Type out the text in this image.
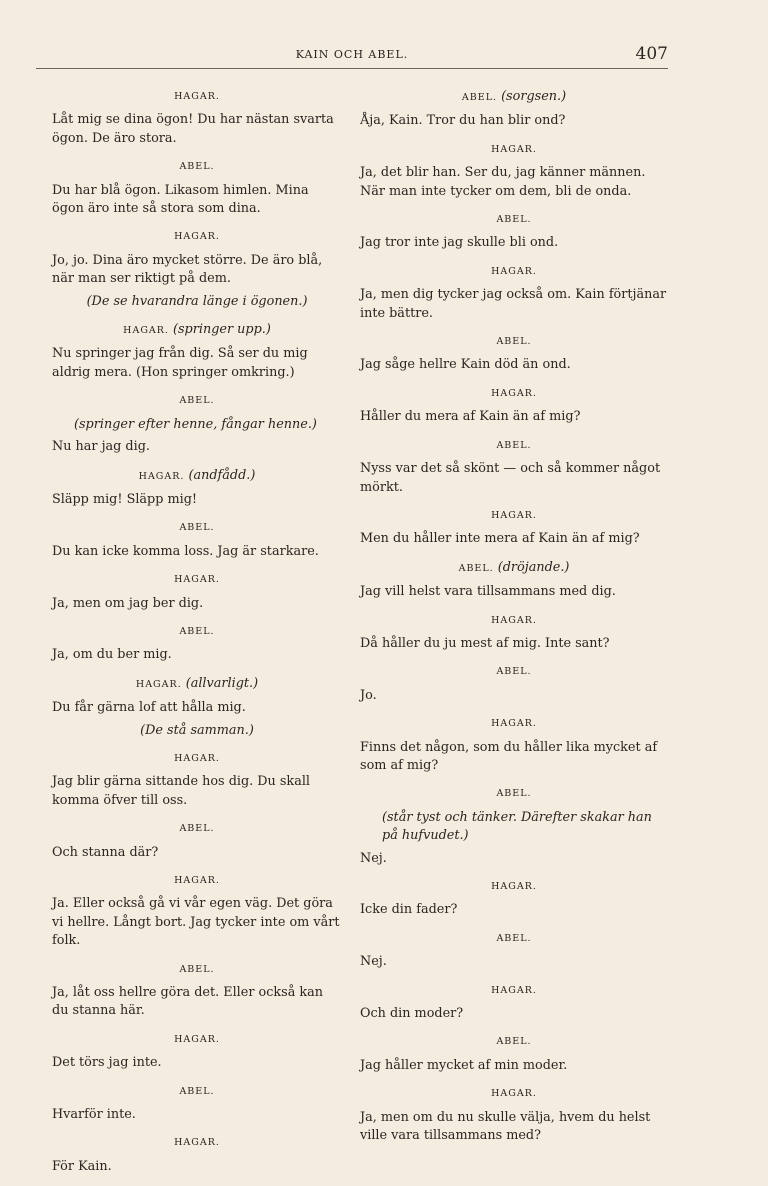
KAIN OCH ABEL.	407
HAGAR.
Låt mig se dina ögon! Du har nästan svarta ögon. De äro stora.
ABEL.
Du har blå ögon. Likasom himlen. Mina ögon äro inte så stora som dina.
HAGAR.
Jo, jo. Dina äro mycket större. De äro blå, när man ser riktigt på dem.
(De se hvarandra länge i ögonen.)
HAGAR. (springer upp.)
Nu springer jag från dig. Så ser du mig aldrig mera. (Hon springer omkring.)
ABEL.
(springer efter henne, fångar henne.)
Nu har jag dig.
HAGAR. (andfådd.)
Släpp mig! Släpp mig!
ABEL.
Du kan icke komma loss. Jag är starkare.
HAGAR.
Ja, men om jag ber dig.
ABEL.
Ja, om du ber mig.
HAGAR. (allvarligt.)
Du får gärna lof att hålla mig.
(De stå samman.)
HAGAR.
Jag blir gärna sittande hos dig. Du skall komma öfver till oss.
ABEL.
Och stanna där?
HAGAR.
Ja. Eller också gå vi vår egen väg. Det göra vi hellre. Långt bort. Jag tycker inte om vårt folk.
ABEL.
Ja, låt oss hellre göra det. Eller också kan du stanna här.
HAGAR.
Det törs jag inte.
ABEL.
Hvarför inte.
HAGAR.
För Kain.
ABEL. (sorgsen.)
Åja, Kain. Tror du han blir ond?
HAGAR.
Ja, det blir han. Ser du, jag känner männen. När man inte tycker om dem, bli de onda.
ABEL.
Jag tror inte jag skulle bli ond.
HAGAR.
Ja, men dig tycker jag också om. Kain förtjänar inte bättre.
ABEL.
Jag såge hellre Kain död än ond.
HAGAR.
Håller du mera af Kain än af mig?
ABEL.
Nyss var det så skönt — och så kommer något mörkt.
HAGAR.
Men du håller inte mera af Kain än af mig?
ABEL. (dröjande.)
Jag vill helst vara tillsammans med dig.
HAGAR.
Då håller du ju mest af mig. Inte sant?
ABEL.
Jo.
HAGAR.
Finns det någon, som du håller lika mycket af som af mig?
ABEL.
(står tyst och tänker. Därefter skakar han på hufvudet.)
Nej.
HAGAR.
Icke din fader?
ABEL.
Nej.
HAGAR.
Och din moder?
ABEL.
Jag håller mycket af min moder.
HAGAR.
Ja, men om du nu skulle välja, hvem du helst ville vara tillsammans med?
